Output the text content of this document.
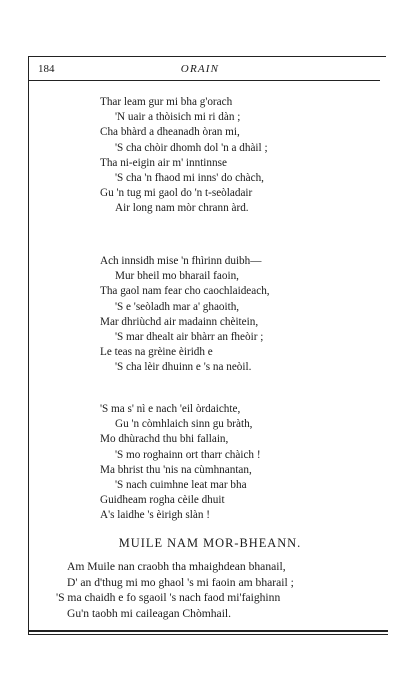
184	ORAIN
Thar leam gur mi bha g'orach
'N uair a thòisich mi ri dàn ;
Cha bhàrd a dheanadh òran mi,
'S cha chòir dhomh dol 'n a dhàil ;
Tha ni-eigin air m' inntinnse
'S cha 'n fhaod mi inns' do chàch,
Gu 'n tug mi gaol do 'n t-seòladair
Air long nam mòr chrann àrd.
Ach innsidh mise 'n fhìrinn duibh—
Mur bheil mo bharail faoin,
Tha gaol nam fear cho caochlaideach,
'S e 'seòladh mar a' ghaoith,
Mar dhriùchd air madainn chèitein,
'S mar dhealt air bhàrr an fheòir ;
Le teas na grèine èiridh e
'S cha lèir dhuinn e 's na neòil.
'S ma s' nì e nach 'eil òrdaichte,
Gu 'n còmhlaich sinn gu bràth,
Mo dhùrachd thu bhi fallain,
'S mo roghainn ort tharr chàich !
Ma bhrist thu 'nis na cùmhnantan,
'S nach cuimhne leat mar bha
Guidheam rogha cèile dhuit
A's laidhe 's èirigh slàn !
MUILE NAM MOR-BHEANN.
Am Muile nan craobh tha mhaighdean bhanail,
D' an d'thug mi mo ghaol 's mi faoin am bharail ;
'S ma chaidh e fo sgaoil 's nach faod mi'faighinn
Gu'n taobh mi caileagan Chòmhail.
